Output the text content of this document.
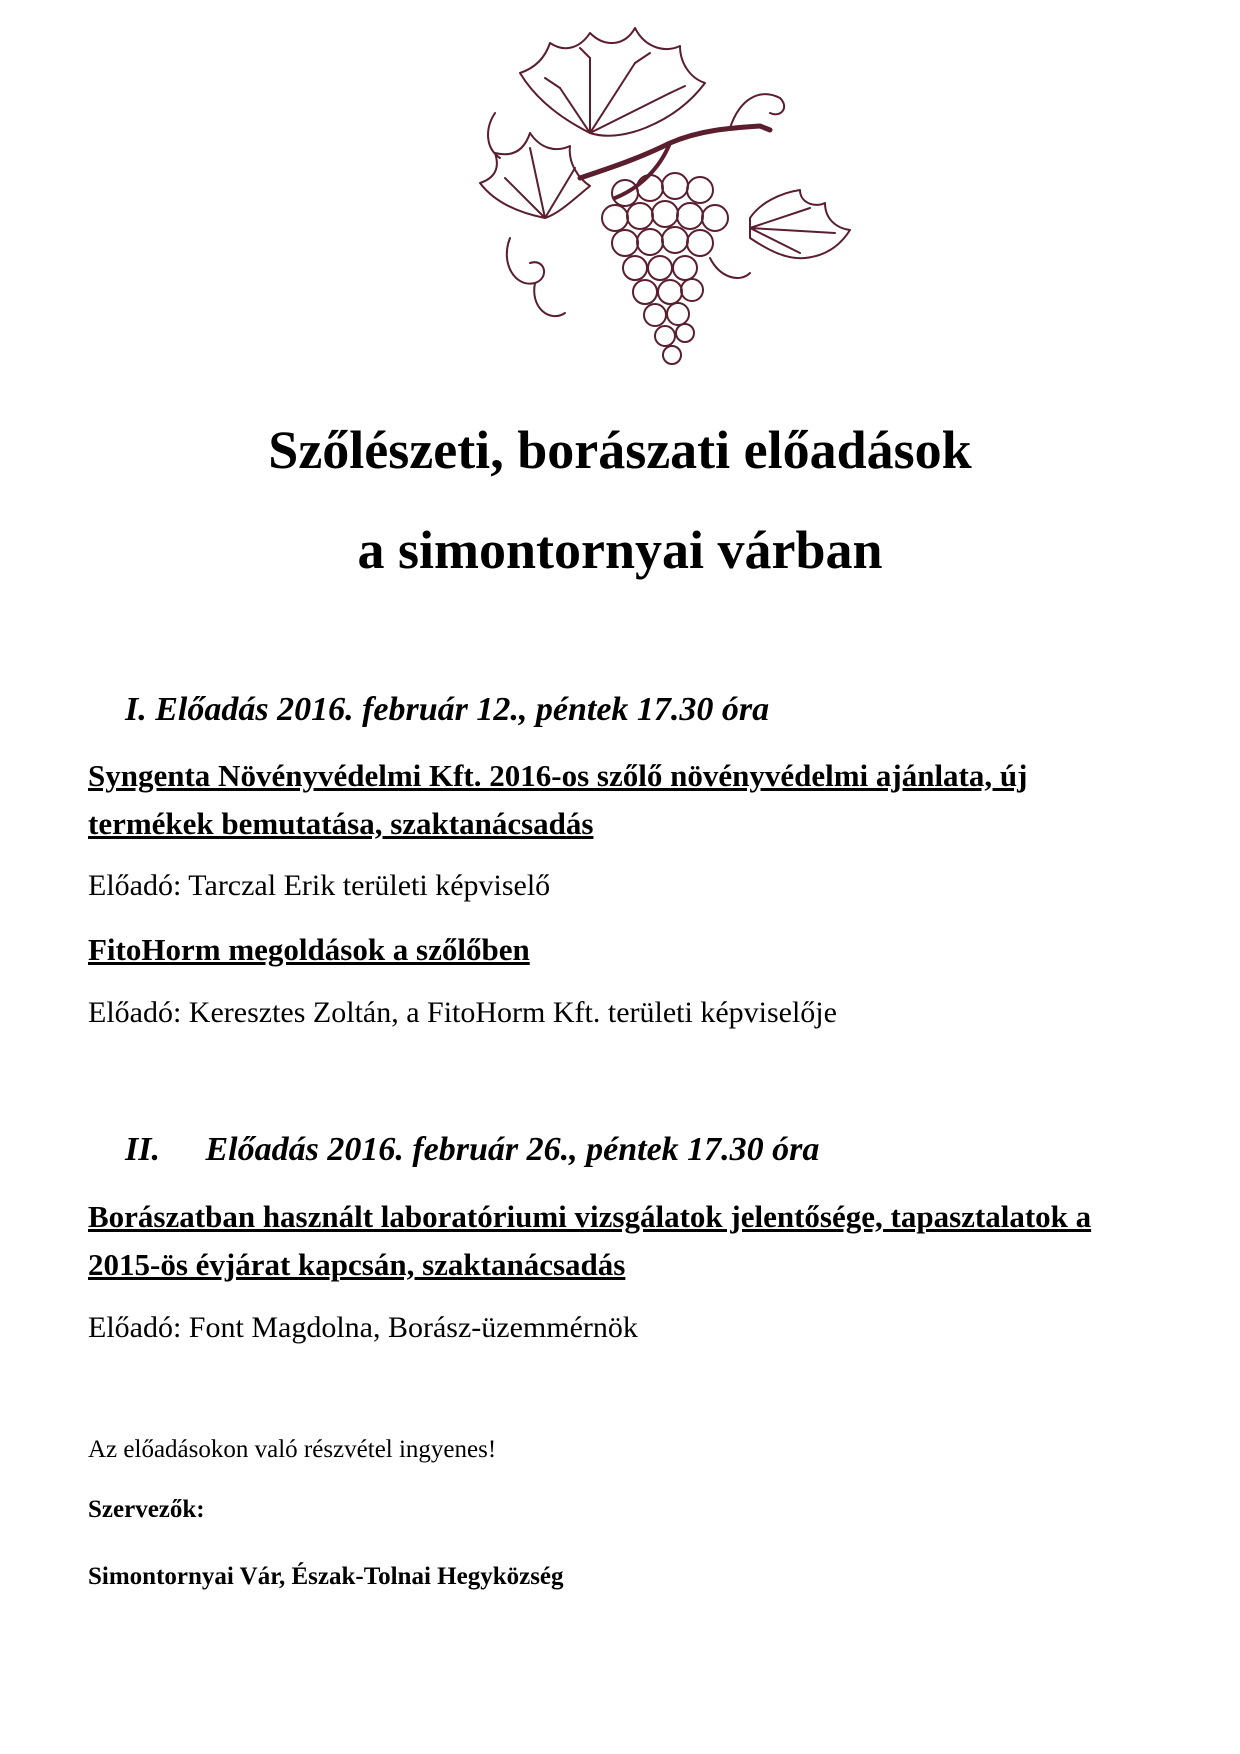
Szőlészeti, borászati előadások
a simontornyai várban

I. Előadás 2016. február 12., péntek 17.30 óra

Syngenta Növényvédelmi Kft. 2016-os szőlő növényvédelmi ajánlata, új
termékek bemutatása, szaktanácsadás

Előadó: Tarczal Erik területi képviselő

FitoHorm megoldások a szőlőben

Előadó: Keresztes Zoltán, a FitoHorm Kft. területi képviselője

II. Előadás 2016. február 26., péntek 17.30 óra

Borászatban használt laboratóriumi vizsgálatok jelentősége, tapasztalatok a
2015-ös évjárat kapcsán, szaktanácsadás

Előadó: Font Magdolna, Borász-üzemmérnök

Az előadásokon való részvétel ingyenes!

Szervezők:

Simontornyai Vár, Észak-Tolnai Hegyközség
